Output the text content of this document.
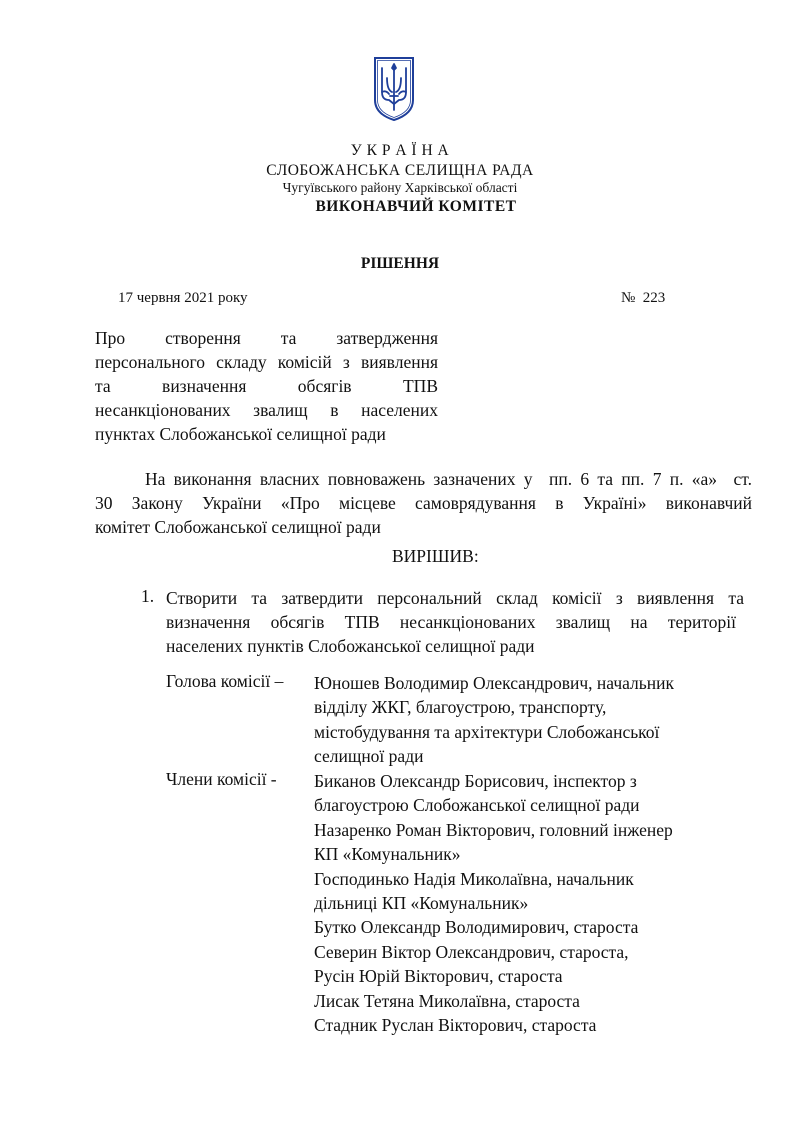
У К Р А Ї Н А
СЛОБОЖАНСЬКА СЕЛИЩНА РАДА
Чугуївського району Харківської області
ВИКОНАВЧИЙ КОМІТЕТ
РІШЕННЯ
17 червня 2021 року	№  223
Про створення та затвердження
персонального складу комісій з виявлення
та визначення обсягів ТПВ
несанкціонованих звалищ в населених
пунктах Слобожанської селищної ради
На виконання власних повноважень зазначених у  пп. 6 та пп. 7 п. «а»  ст.
30 Закону України «Про місцеве самоврядування в Україні» виконавчий
комітет Слобожанської селищної ради
ВИРІШИВ:
1. Створити та затвердити персональний склад комісії з виявлення та
визначення обсягів ТПВ несанкціонованих звалищ на території
населених пунктів Слобожанської селищної ради
Голова комісії – Юношев Володимир Олександрович, начальник
відділу ЖКГ, благоустрою, транспорту,
містобудування та архітектури Слобожанської
селищної ради
Члени комісії - Биканов Олександр Борисович, інспектор з
благоустрою Слобожанської селищної ради
Назаренко Роман Вікторович, головний інженер
КП «Комунальник»
Господинько Надія Миколаївна, начальник
дільниці КП «Комунальник»
Бутко Олександр Володимирович, староста
Северин Віктор Олександрович, староста,
Русін Юрій Вікторович, староста
Лисак Тетяна Миколаївна, староста
Стадник Руслан Вікторович, староста
